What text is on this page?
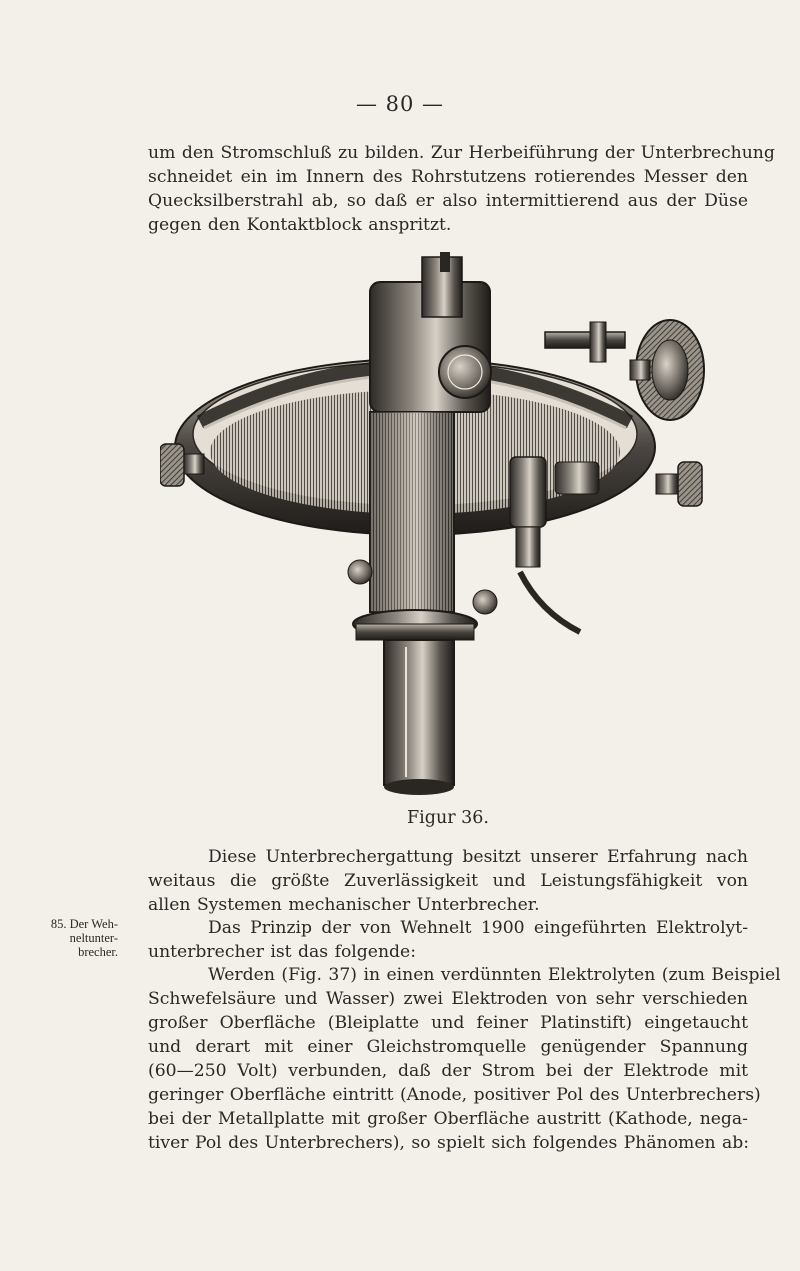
— 80 —
um den Stromschluß zu bilden. Zur Herbeiführung der Unterbrechung
schneidet ein im Innern des Rohrstutzens rotierendes Messer den
Quecksilberstrahl ab, so daß er also intermittierend aus der Düse
gegen den Kontaktblock anspritzt.
Figur 36.
Diese Unterbrechergattung besitzt unserer Erfahrung nach
weitaus die größte Zuverlässigkeit und Leistungsfähigkeit von
allen Systemen mechanischer Unterbrecher.
85. Der Weh-
neltunter-
brecher.
Das Prinzip der von Wehnelt 1900 eingeführten Elektrolyt-
unterbrecher ist das folgende:
Werden (Fig. 37) in einen verdünnten Elektrolyten (zum Beispiel
Schwefelsäure und Wasser) zwei Elektroden von sehr verschieden
großer Oberfläche (Bleiplatte und feiner Platinstift) eingetaucht
und derart mit einer Gleichstromquelle genügender Spannung
(60—250 Volt) verbunden, daß der Strom bei der Elektrode mit
geringer Oberfläche eintritt (Anode, positiver Pol des Unterbrechers)
bei der Metallplatte mit großer Oberfläche austritt (Kathode, nega-
tiver Pol des Unterbrechers), so spielt sich folgendes Phänomen ab:
